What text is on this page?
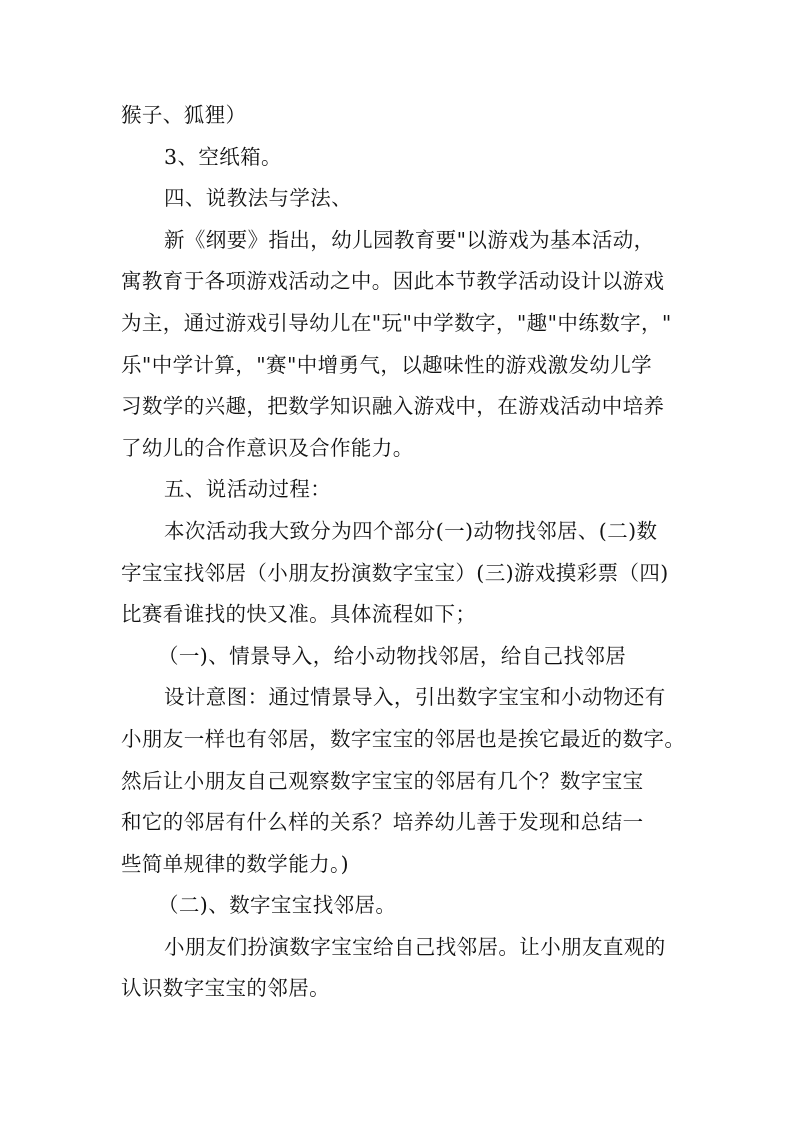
猴子、狐狸）
3、空纸箱。
四、说教法与学法、
新《纲要》指出，幼儿园教育要"以游戏为基本活动，
寓教育于各项游戏活动之中。因此本节教学活动设计以游戏
为主，通过游戏引导幼儿在"玩"中学数字，"趣"中练数字，"
乐"中学计算，"赛"中增勇气，以趣味性的游戏激发幼儿学
习数学的兴趣，把数学知识融入游戏中，在游戏活动中培养
了幼儿的合作意识及合作能力。
五、说活动过程：
本次活动我大致分为四个部分(一)动物找邻居、(二)数
字宝宝找邻居（小朋友扮演数字宝宝）(三)游戏摸彩票（四)
比赛看谁找的快又准。具体流程如下；
（一)、情景导入，给小动物找邻居，给自己找邻居
设计意图：通过情景导入，引出数字宝宝和小动物还有
小朋友一样也有邻居，数字宝宝的邻居也是挨它最近的数字。
然后让小朋友自己观察数字宝宝的邻居有几个？数字宝宝
和它的邻居有什么样的关系？培养幼儿善于发现和总结一
些简单规律的数学能力。)
（二)、数字宝宝找邻居。
小朋友们扮演数字宝宝给自己找邻居。让小朋友直观的
认识数字宝宝的邻居。
